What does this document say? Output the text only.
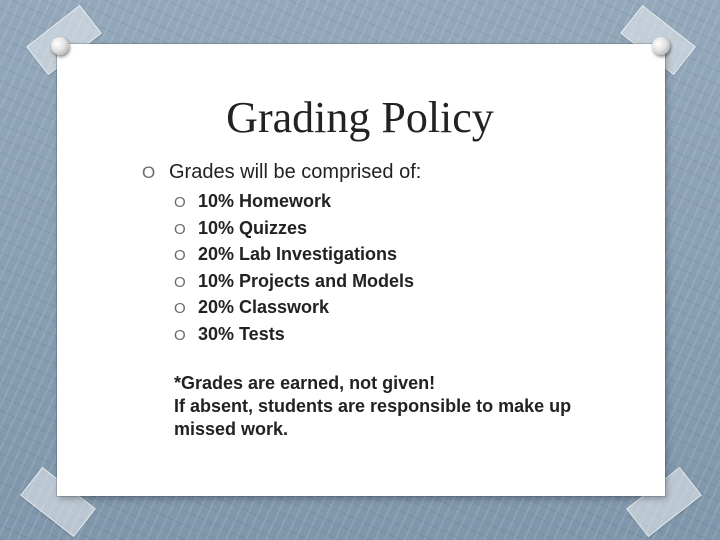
Grading Policy
O Grades will be comprised of:
O 10% Homework
O 10% Quizzes
O 20% Lab Investigations
O 10% Projects and Models
O 20% Classwork
O 30% Tests

*Grades are earned, not given!

If absent, students are responsible to make up missed work.
